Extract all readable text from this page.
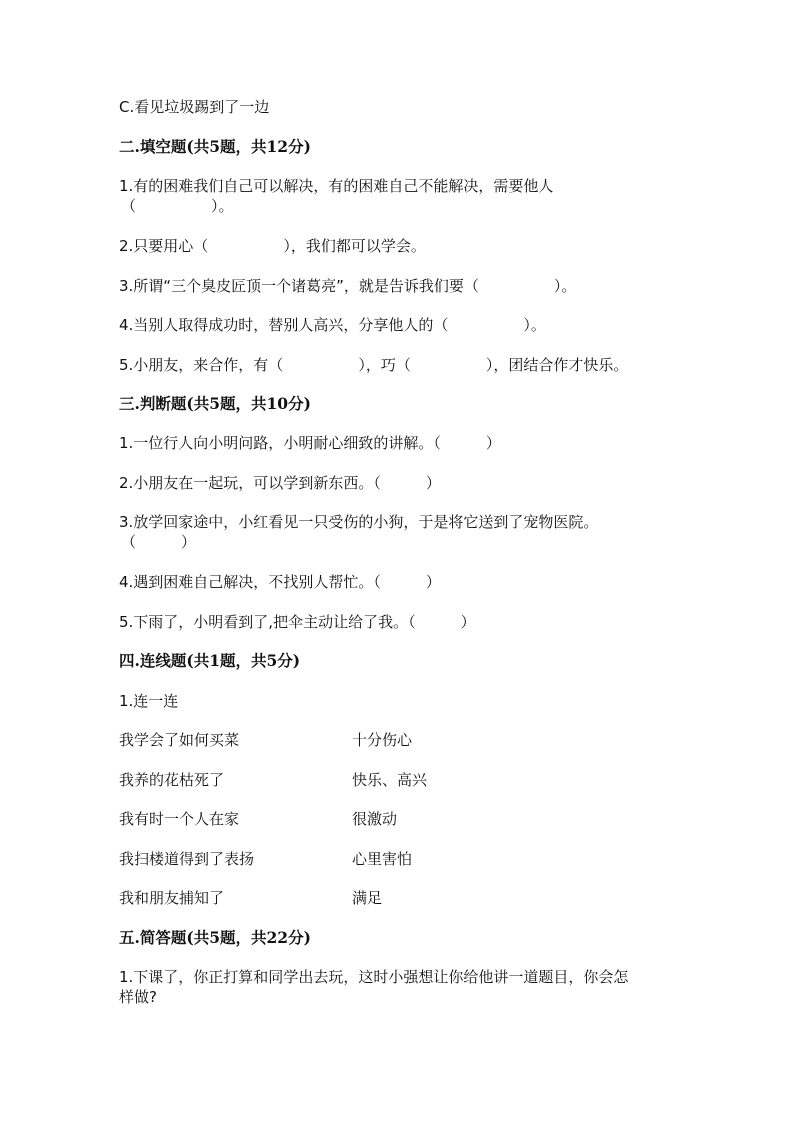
C.看见垃圾踢到了一边
二.填空题(共5题，共12分)
1.有的困难我们自己可以解决，有的困难自己不能解决，需要他人
（　　　　　）。
2.只要用心（　　　　　），我们都可以学会。
3.所谓“三个臭皮匠顶一个诸葛亮”，就是告诉我们要（　　　　　）。
4.当别人取得成功时，替别人高兴，分享他人的（　　　　　）。
5.小朋友，来合作，有（　　　　　），巧（　　　　　），团结合作才快乐。
三.判断题(共5题，共10分)
1.一位行人向小明问路，小明耐心细致的讲解。（　　　）
2.小朋友在一起玩，可以学到新东西。（　　　）
3.放学回家途中，小红看见一只受伤的小狗，于是将它送到了宠物医院。
（　　　）
4.遇到困难自己解决，不找别人帮忙。（　　　）
5.下雨了，小明看到了,把伞主动让给了我。（　　　）
四.连线题(共1题，共5分)
1.连一连
我学会了如何买菜	十分伤心
我养的花枯死了	快乐、高兴
我有时一个人在家	很激动
我扫楼道得到了表扬	心里害怕
我和朋友捕知了	满足
五.简答题(共5题，共22分)
1.下课了，你正打算和同学出去玩，这时小强想让你给他讲一道题目，你会怎
样做?
